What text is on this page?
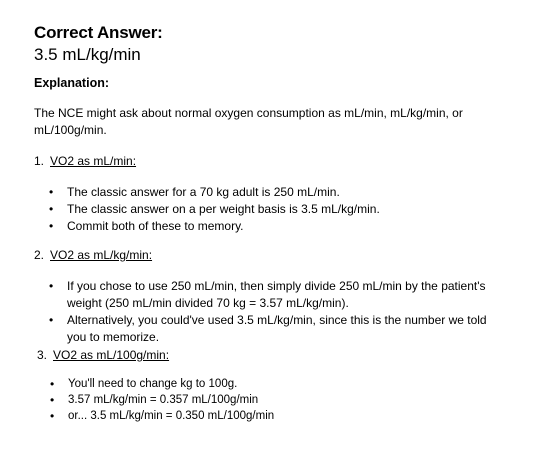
Correct Answer:
3.5 mL/kg/min
Explanation:
The NCE might ask about normal oxygen consumption as mL/min, mL/kg/min, or mL/100g/min.
1. VO2 as mL/min:
• The classic answer for a 70 kg adult is 250 mL/min.
• The classic answer on a per weight basis is 3.5 mL/kg/min.
• Commit both of these to memory.
2. VO2 as mL/kg/min:
• If you chose to use 250 mL/min, then simply divide 250 mL/min by the patient's weight (250 mL/min divided 70 kg = 3.57 mL/kg/min).
• Alternatively, you could've used 3.5 mL/kg/min, since this is the number we told you to memorize.
3. VO2 as mL/100g/min:
• You'll need to change kg to 100g.
• 3.57 mL/kg/min = 0.357 mL/100g/min
• or... 3.5 mL/kg/min = 0.350 mL/100g/min
